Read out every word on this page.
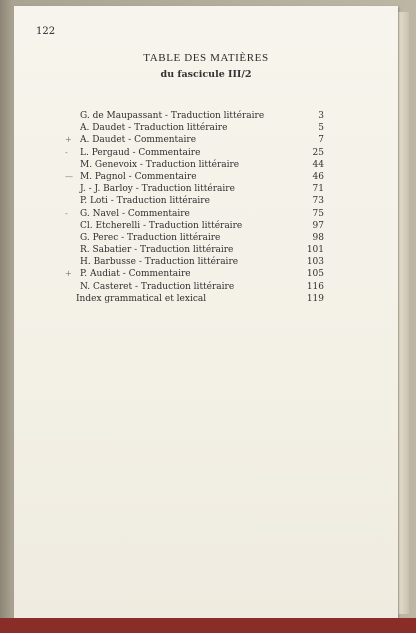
122
TABLE DES MATIÈRES
du fascicule III/2
G. de Maupassant - Traduction littéraire	3
A. Daudet - Traduction littéraire	5
+ A. Daudet - Commentaire	7
- L. Pergaud - Commentaire	25
M. Genevoix - Traduction littéraire	44
— M. Pagnol - Commentaire	46
J. - J. Barloy - Traduction littéraire	71
P. Loti - Traduction littéraire	73
- G. Navel - Commentaire	75
Cl. Etcherelli - Traduction littéraire	97
G. Perec - Traduction littéraire	98
R. Sabatier - Traduction littéraire	101
H. Barbusse - Traduction littéraire	103
+ P. Audiat - Commentaire	105
N. Casteret - Traduction littéraire	116
Index grammatical et lexical	119
